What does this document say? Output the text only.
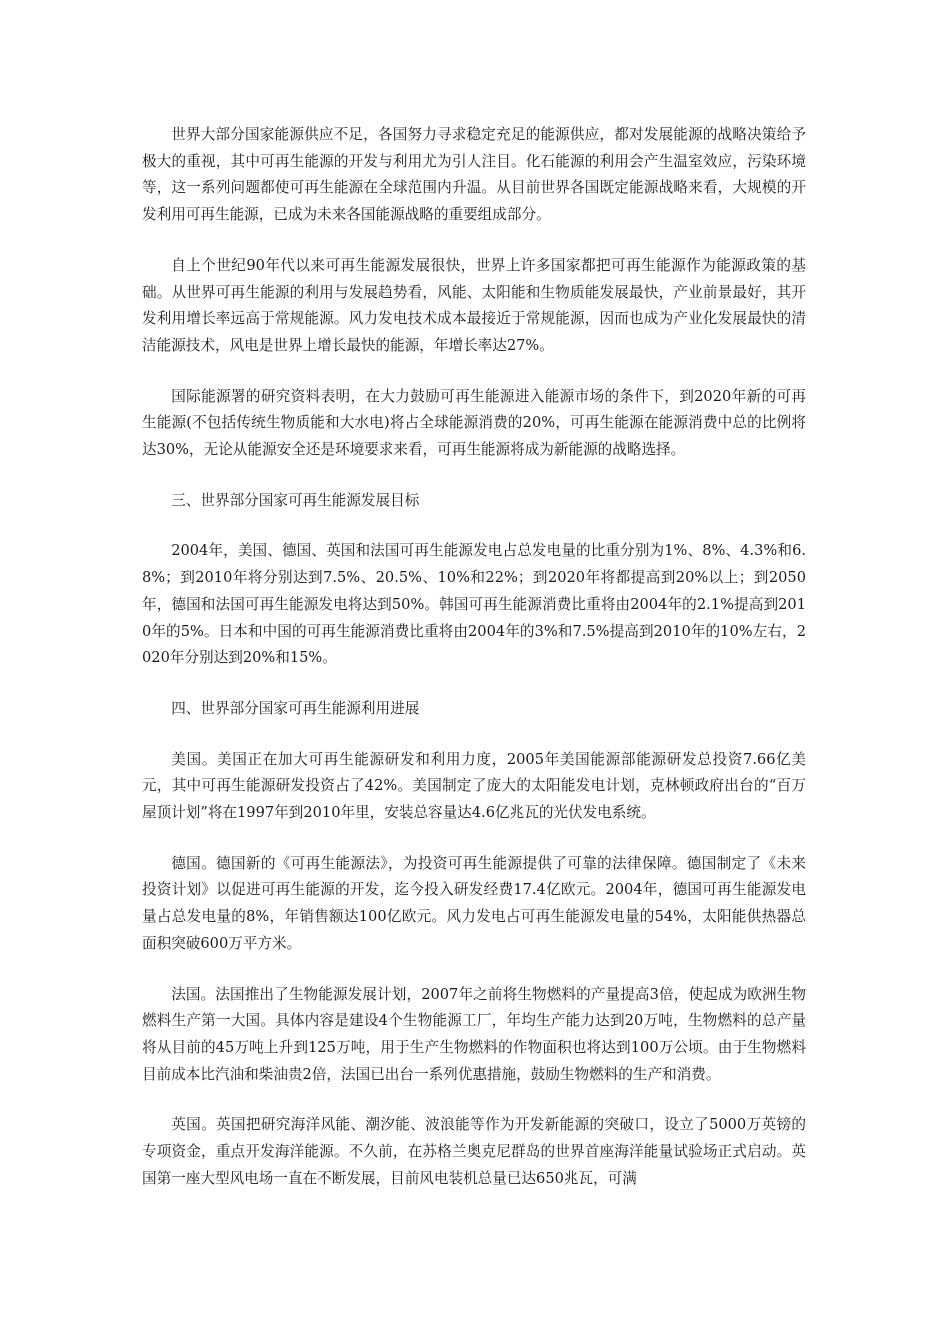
世界大部分国家能源供应不足，各国努力寻求稳定充足的能源供应，都对发展能源的战略决策给予极大的重视，其中可再生能源的开发与利用尤为引人注目。化石能源的利用会产生温室效应，污染环境等，这一系列问题都使可再生能源在全球范围内升温。从目前世界各国既定能源战略来看，大规模的开发利用可再生能源，已成为未来各国能源战略的重要组成部分。

自上个世纪90年代以来可再生能源发展很快，世界上许多国家都把可再生能源作为能源政策的基础。从世界可再生能源的利用与发展趋势看，风能、太阳能和生物质能发展最快，产业前景最好，其开发利用增长率远高于常规能源。风力发电技术成本最接近于常规能源，因而也成为产业化发展最快的清洁能源技术，风电是世界上增长最快的能源，年增长率达27%。

国际能源署的研究资料表明，在大力鼓励可再生能源进入能源市场的条件下，到2020年新的可再生能源(不包括传统生物质能和大水电)将占全球能源消费的20%，可再生能源在能源消费中总的比例将达30%，无论从能源安全还是环境要求来看，可再生能源将成为新能源的战略选择。

三、世界部分国家可再生能源发展目标

2004年，美国、德国、英国和法国可再生能源发电占总发电量的比重分别为1%、8%、4.3%和6.8%；到2010年将分别达到7.5%、20.5%、10%和22%；到2020年将都提高到20%以上；到2050年，德国和法国可再生能源发电将达到50%。韩国可再生能源消费比重将由2004年的2.1%提高到2010年的5%。日本和中国的可再生能源消费比重将由2004年的3%和7.5%提高到2010年的10%左右，2020年分别达到20%和15%。

四、世界部分国家可再生能源利用进展

美国。美国正在加大可再生能源研发和利用力度，2005年美国能源部能源研发总投资7.66亿美元，其中可再生能源研发投资占了42%。美国制定了庞大的太阳能发电计划，克林顿政府出台的“百万屋顶计划”将在1997年到2010年里，安装总容量达4.6亿兆瓦的光伏发电系统。

德国。德国新的《可再生能源法》，为投资可再生能源提供了可靠的法律保障。德国制定了《未来投资计划》以促进可再生能源的开发，迄今投入研发经费17.4亿欧元。2004年，德国可再生能源发电量占总发电量的8%，年销售额达100亿欧元。风力发电占可再生能源发电量的54%，太阳能供热器总面积突破600万平方米。

法国。法国推出了生物能源发展计划，2007年之前将生物燃料的产量提高3倍，使起成为欧洲生物燃料生产第一大国。具体内容是建设4个生物能源工厂，年均生产能力达到20万吨，生物燃料的总产量将从目前的45万吨上升到125万吨，用于生产生物燃料的作物面积也将达到100万公顷。由于生物燃料目前成本比汽油和柴油贵2倍，法国已出台一系列优惠措施，鼓励生物燃料的生产和消费。

英国。英国把研究海洋风能、潮汐能、波浪能等作为开发新能源的突破口，设立了5000万英镑的专项资金，重点开发海洋能源。不久前，在苏格兰奥克尼群岛的世界首座海洋能量试验场正式启动。英国第一座大型风电场一直在不断发展，目前风电装机总量已达650兆瓦，可满
